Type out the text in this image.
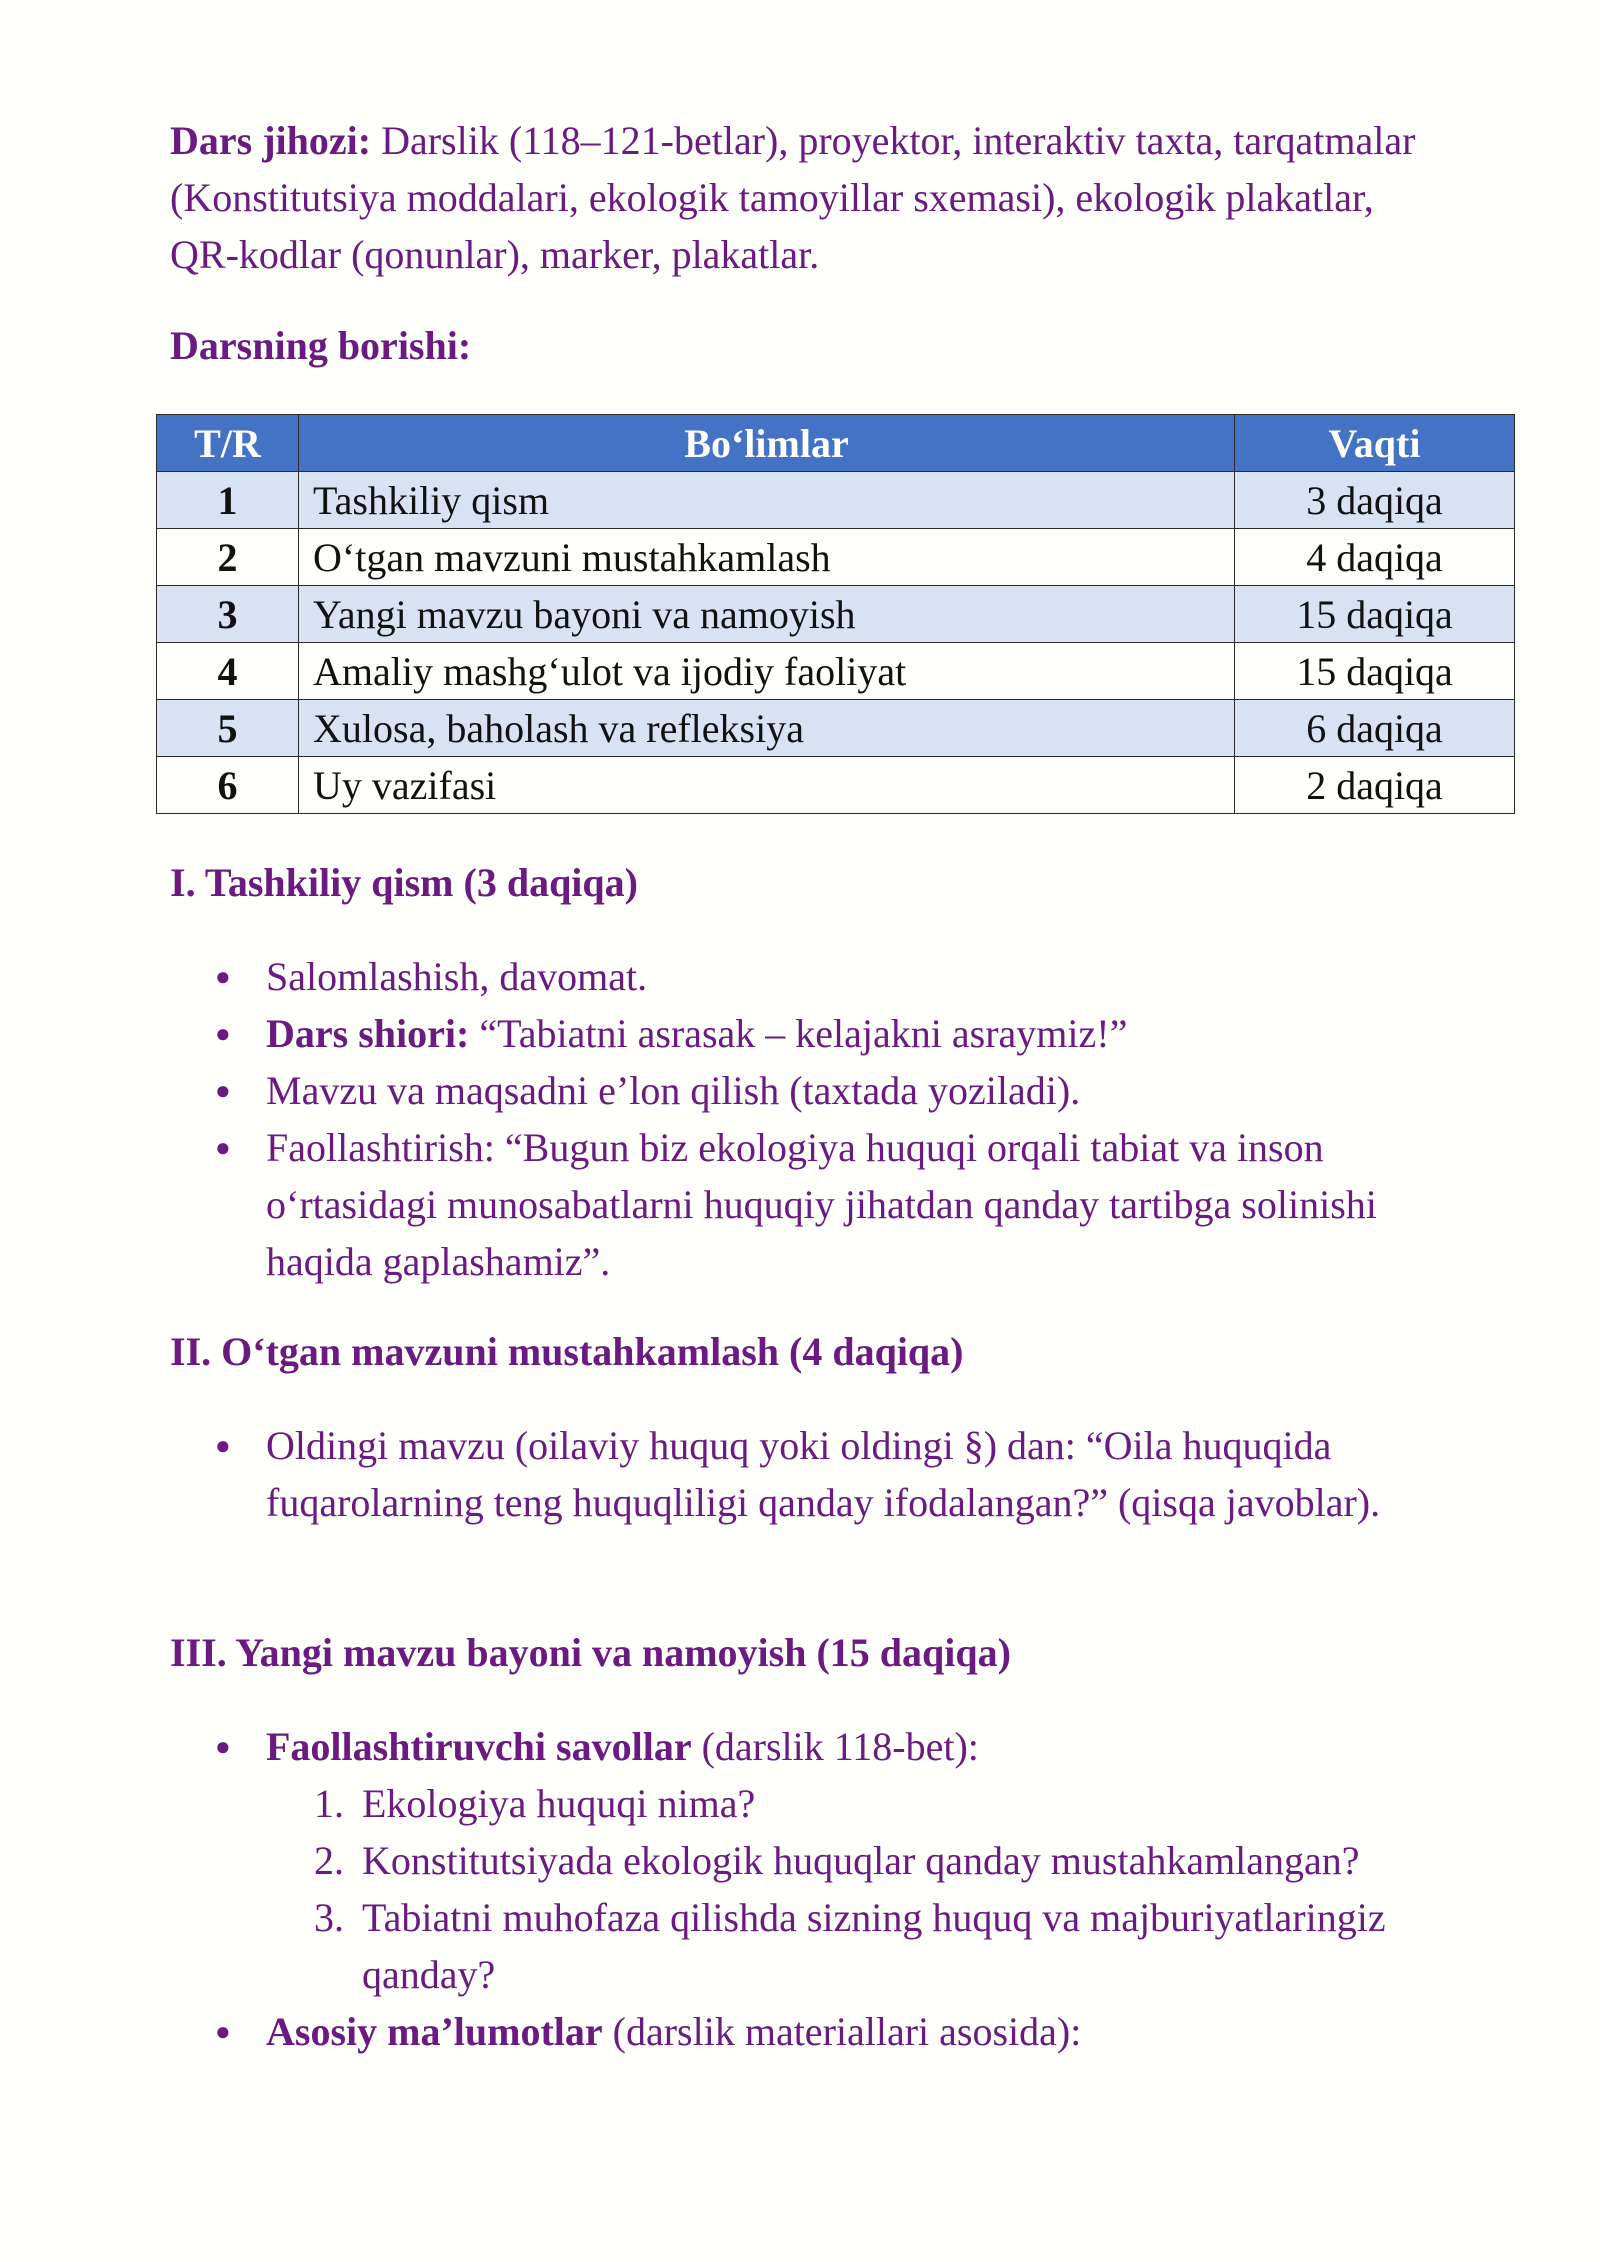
Dars jihozi: Darslik (118–121-betlar), proyektor, interaktiv taxta, tarqatmalar (Konstitutsiya moddalari, ekologik tamoyillar sxemasi), ekologik plakatlar, QR-kodlar (qonunlar), marker, plakatlar.

Darsning borishi:
T/R	Bo‘limlar	Vaqti
1	Tashkiliy qism	3 daqiqa
2	O‘tgan mavzuni mustahkamlash	4 daqiqa
3	Yangi mavzu bayoni va namoyish	15 daqiqa
4	Amaliy mashg‘ulot va ijodiy faoliyat	15 daqiqa
5	Xulosa, baholash va refleksiya	6 daqiqa
6	Uy vazifasi	2 daqiqa
I. Tashkiliy qism (3 daqiqa)
● Salomlashish, davomat.
● Dars shiori: “Tabiatni asrasak – kelajakni asraymiz!”
● Mavzu va maqsadni e’lon qilish (taxtada yoziladi).
● Faollashtirish: “Bugun biz ekologiya huquqi orqali tabiat va inson o‘rtasidagi munosabatlarni huquqiy jihatdan qanday tartibga solinishi haqida gaplashamiz”.
II. O‘tgan mavzuni mustahkamlash (4 daqiqa)
● Oldingi mavzu (oilaviy huquq yoki oldingi §) dan: “Oila huquqida fuqarolarning teng huquqliligi qanday ifodalangan?” (qisqa javoblar).
III. Yangi mavzu bayoni va namoyish (15 daqiqa)
● Faollashtiruvchi savollar (darslik 118-bet):
1. Ekologiya huquqi nima?
2. Konstitutsiyada ekologik huquqlar qanday mustahkamlangan?
3. Tabiatni muhofaza qilishda sizning huquq va majburiyatlaringiz qanday?
● Asosiy ma’lumotlar (darslik materiallari asosida):
